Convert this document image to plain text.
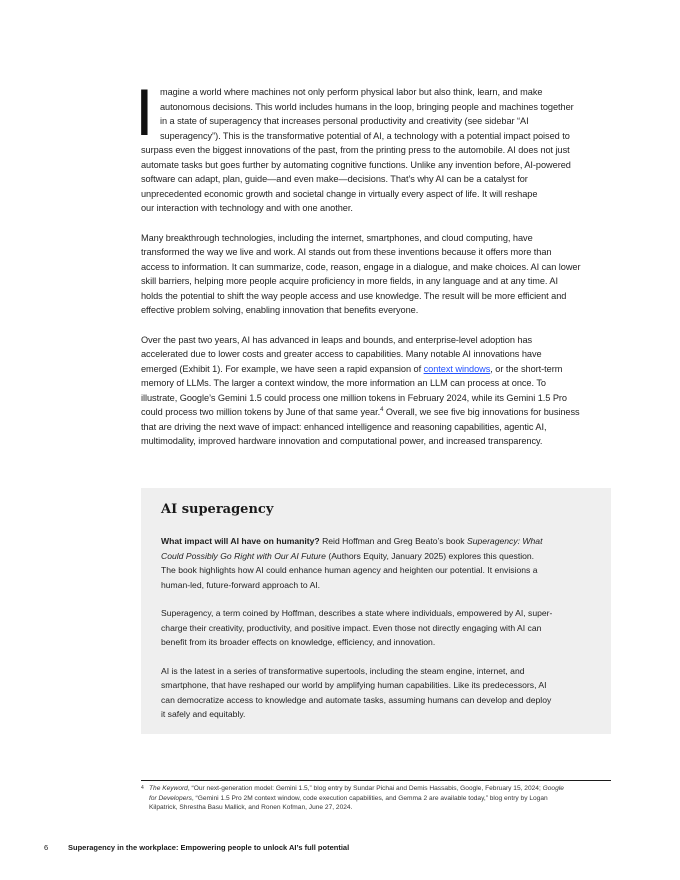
I	magine a world where machines not only perform physical labor but also think, learn, and make
autonomous decisions. This world includes humans in the loop, bringing people and machines together
in a state of superagency that increases personal productivity and creativity (see sidebar “AI
superagency”). This is the transformative potential of AI, a technology with a potential impact poised to
surpass even the biggest innovations of the past, from the printing press to the automobile. AI does not just
automate tasks but goes further by automating cognitive functions. Unlike any invention before, AI-powered
software can adapt, plan, guide—and even make—decisions. That’s why AI can be a catalyst for
unprecedented economic growth and societal change in virtually every aspect of life. It will reshape
our interaction with technology and with one another.
Many breakthrough technologies, including the internet, smartphones, and cloud computing, have
transformed the way we live and work. AI stands out from these inventions because it offers more than
access to information. It can summarize, code, reason, engage in a dialogue, and make choices. AI can lower
skill barriers, helping more people acquire proficiency in more fields, in any language and at any time. AI
holds the potential to shift the way people access and use knowledge. The result will be more efficient and
effective problem solving, enabling innovation that benefits everyone.
Over the past two years, AI has advanced in leaps and bounds, and enterprise-level adoption has
accelerated due to lower costs and greater access to capabilities. Many notable AI innovations have
emerged (Exhibit 1). For example, we have seen a rapid expansion of context windows, or the short-term
memory of LLMs. The larger a context window, the more information an LLM can process at once. To
illustrate, Google’s Gemini 1.5 could process one million tokens in February 2024, while its Gemini 1.5 Pro
could process two million tokens by June of that same year.$^4$ Overall, we see five big innovations for business
that are driving the next wave of impact: enhanced intelligence and reasoning capabilities, agentic AI,
multimodality, improved hardware innovation and computational power, and increased transparency.
AI superagency
What impact will AI have on humanity? Reid Hoffman and Greg Beato’s book Superagency: What
Could Possibly Go Right with Our AI Future (Authors Equity, January 2025) explores this question.
The book highlights how AI could enhance human agency and heighten our potential. It envisions a
human-led, future-forward approach to AI.
Superagency, a term coined by Hoffman, describes a state where individuals, empowered by AI, super-
charge their creativity, productivity, and positive impact. Even those not directly engaging with AI can
benefit from its broader effects on knowledge, efficiency, and innovation.
AI is the latest in a series of transformative supertools, including the steam engine, internet, and
smartphone, that have reshaped our world by amplifying human capabilities. Like its predecessors, AI
can democratize access to knowledge and automate tasks, assuming humans can develop and deploy
it safely and equitably.
4 The Keyword, “Our next-generation model: Gemini 1.5,” blog entry by Sundar Pichai and Demis Hassabis, Google, February 15, 2024; Google
for Developers, “Gemini 1.5 Pro 2M context window, code execution capabilities, and Gemma 2 are available today,” blog entry by Logan
Kilpatrick, Shrestha Basu Mallick, and Ronen Kofman, June 27, 2024.
6	Superagency in the workplace: Empowering people to unlock AI’s full potential
